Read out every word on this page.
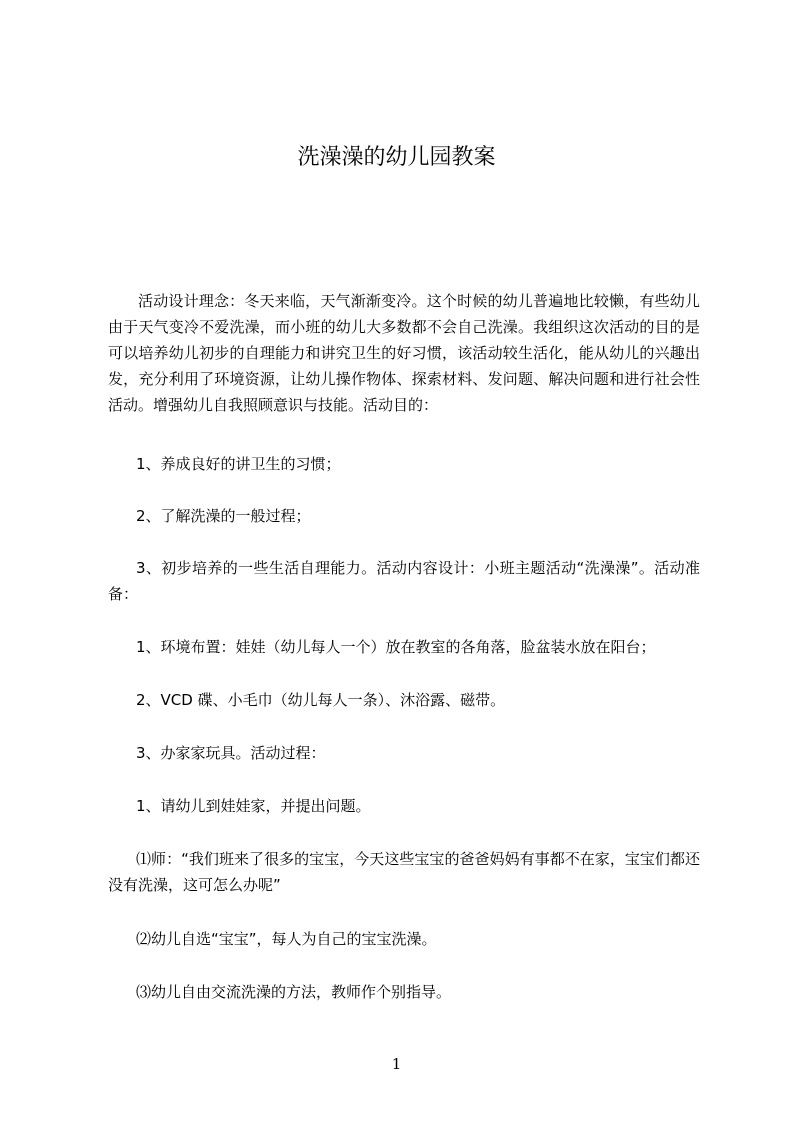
洗澡澡的幼儿园教案
活动设计理念：冬天来临，天气渐渐变冷。这个时候的幼儿普遍地比较懒，有些幼儿由于天气变冷不爱洗澡，而小班的幼儿大多数都不会自己洗澡。我组织这次活动的目的是可以培养幼儿初步的自理能力和讲究卫生的好习惯，该活动较生活化，能从幼儿的兴趣出发，充分利用了环境资源，让幼儿操作物体、探索材料、发问题、解决问题和进行社会性活动。增强幼儿自我照顾意识与技能。活动目的：
1、养成良好的讲卫生的习惯；
2、了解洗澡的一般过程；
3、初步培养的一些生活自理能力。活动内容设计：小班主题活动“洗澡澡”。活动准备：
1、环境布置：娃娃（幼儿每人一个）放在教室的各角落，脸盆装水放在阳台；
2、VCD 碟、小毛巾（幼儿每人一条）、沐浴露、磁带。
3、办家家玩具。活动过程：
1、请幼儿到娃娃家，并提出问题。
⑴师：“我们班来了很多的宝宝，今天这些宝宝的爸爸妈妈有事都不在家，宝宝们都还没有洗澡，这可怎么办呢”
⑵幼儿自选“宝宝”，每人为自己的宝宝洗澡。
⑶幼儿自由交流洗澡的方法，教师作个别指导。
1
